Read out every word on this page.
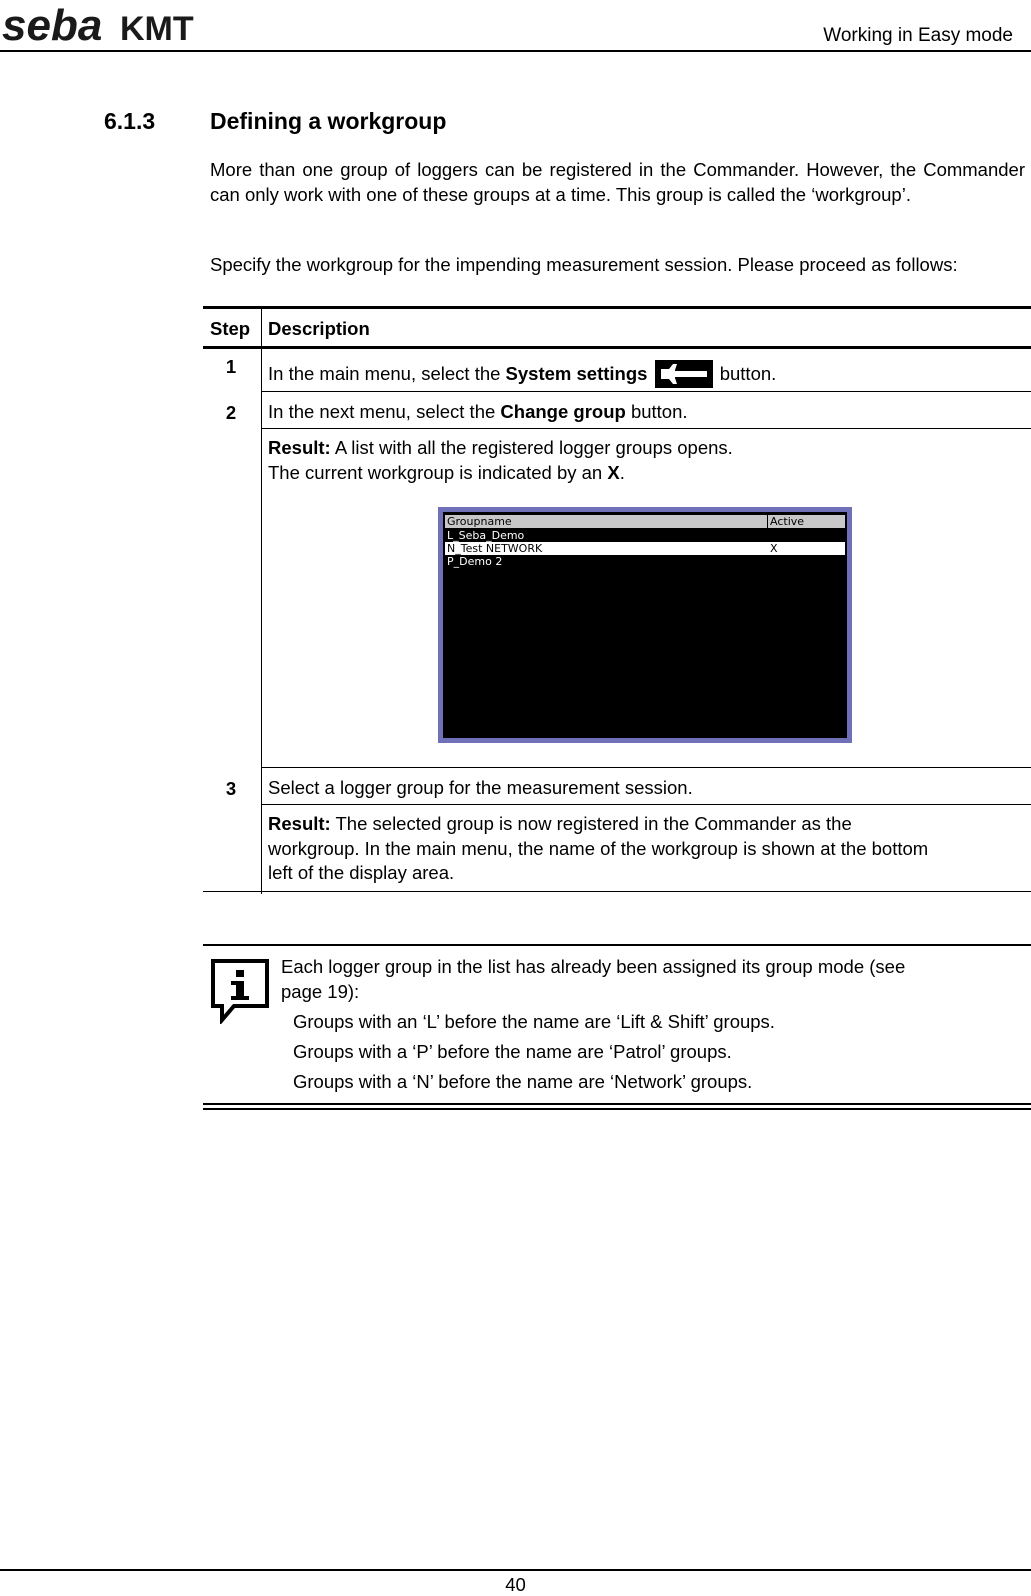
seba KMT	Working in Easy mode
6.1.3 Defining a workgroup
More than one group of loggers can be registered in the Commander. However, the Commander can only work with one of these groups at a time. This group is called the ‘workgroup’.
Specify the workgroup for the impending measurement session. Please proceed as follows:
Step Description
1	In the main menu, select the System settings	button.
2	In the next menu, select the Change group button.
Result: A list with all the registered logger groups opens.
The current workgroup is indicated by an X.
Groupname	Active
L_Seba_Demo
N_Test NETWORK	X
P_Demo 2
3	Select a logger group for the measurement session.
Result: The selected group is now registered in the Commander as the
workgroup. In the main menu, the name of the workgroup is shown at the bottom
left of the display area.
Each logger group in the list has already been assigned its group mode (see
page 19):
Groups with an ‘L’ before the name are ‘Lift & Shift’ groups.
Groups with a ‘P’ before the name are ‘Patrol’ groups.
Groups with a ‘N’ before the name are ‘Network’ groups.
40
